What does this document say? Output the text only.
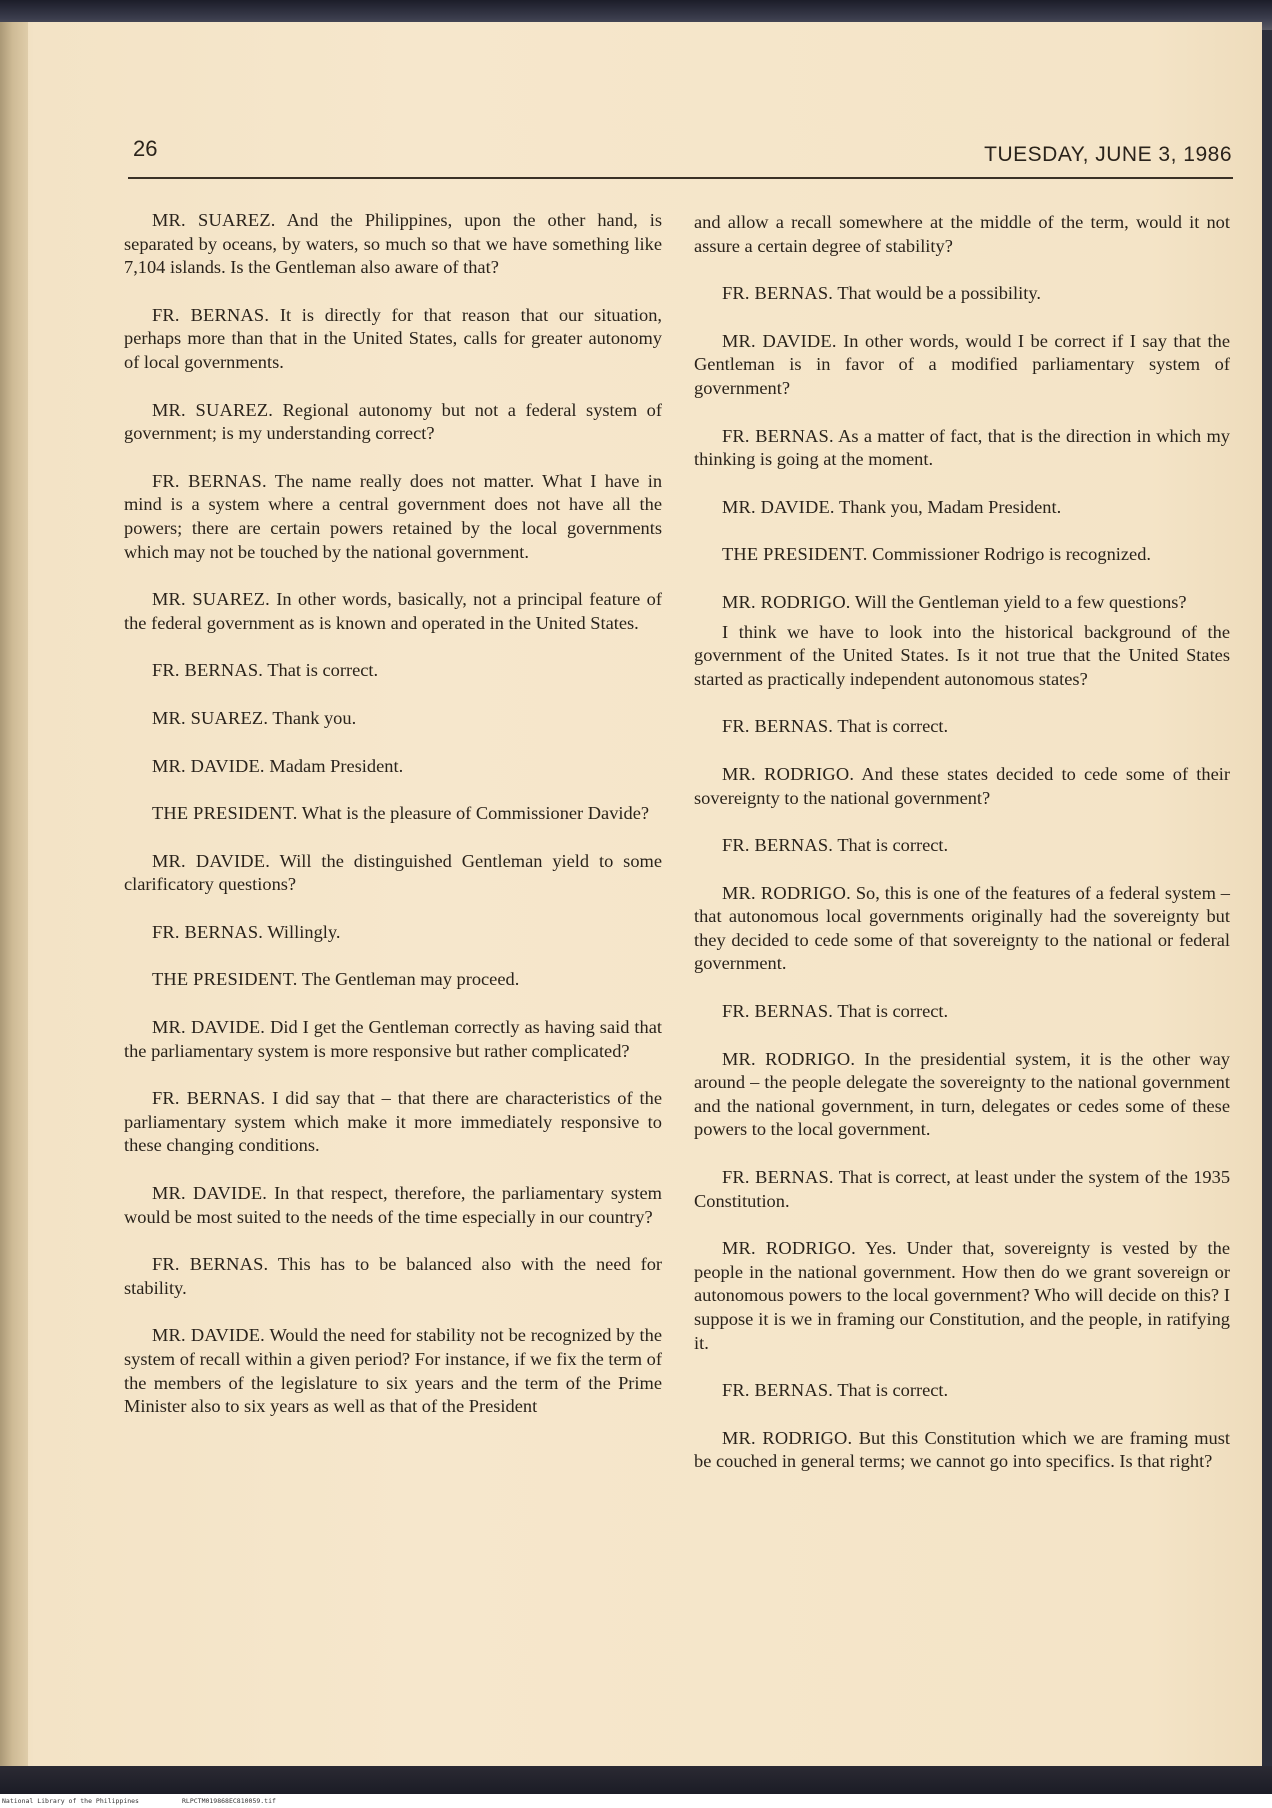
26	TUESDAY, JUNE 3, 1986

MR. SUAREZ. And the Philippines, upon the other hand, is separated by oceans, by waters, so much so that we have something like 7,104 islands. Is the Gentleman also aware of that?

FR. BERNAS. It is directly for that reason that our situation, perhaps more than that in the United States, calls for greater autonomy of local governments.

MR. SUAREZ. Regional autonomy but not a federal system of government; is my understanding correct?

FR. BERNAS. The name really does not matter. What I have in mind is a system where a central government does not have all the powers; there are certain powers retained by the local governments which may not be touched by the national government.

MR. SUAREZ. In other words, basically, not a principal feature of the federal government as is known and operated in the United States.

FR. BERNAS. That is correct.

MR. SUAREZ. Thank you.

MR. DAVIDE. Madam President.

THE PRESIDENT. What is the pleasure of Commissioner Davide?

MR. DAVIDE. Will the distinguished Gentleman yield to some clarificatory questions?

FR. BERNAS. Willingly.

THE PRESIDENT. The Gentleman may proceed.

MR. DAVIDE. Did I get the Gentleman correctly as having said that the parliamentary system is more responsive but rather complicated?

FR. BERNAS. I did say that – that there are characteristics of the parliamentary system which make it more immediately responsive to these changing conditions.

MR. DAVIDE. In that respect, therefore, the parliamentary system would be most suited to the needs of the time especially in our country?

FR. BERNAS. This has to be balanced also with the need for stability.

MR. DAVIDE. Would the need for stability not be recognized by the system of recall within a given period? For instance, if we fix the term of the members of the legislature to six years and the term of the Prime Minister also to six years as well as that of the President

and allow a recall somewhere at the middle of the term, would it not assure a certain degree of stability?

FR. BERNAS. That would be a possibility.

MR. DAVIDE. In other words, would I be correct if I say that the Gentleman is in favor of a modified parliamentary system of government?

FR. BERNAS. As a matter of fact, that is the direction in which my thinking is going at the moment.

MR. DAVIDE. Thank you, Madam President.

THE PRESIDENT. Commissioner Rodrigo is recognized.

MR. RODRIGO. Will the Gentleman yield to a few questions?

I think we have to look into the historical background of the government of the United States. Is it not true that the United States started as practically independent autonomous states?

FR. BERNAS. That is correct.

MR. RODRIGO. And these states decided to cede some of their sovereignty to the national government?

FR. BERNAS. That is correct.

MR. RODRIGO. So, this is one of the features of a federal system – that autonomous local governments originally had the sovereignty but they decided to cede some of that sovereignty to the national or federal government.

FR. BERNAS. That is correct.

MR. RODRIGO. In the presidential system, it is the other way around – the people delegate the sovereignty to the national government and the national government, in turn, delegates or cedes some of these powers to the local government.

FR. BERNAS. That is correct, at least under the system of the 1935 Constitution.

MR. RODRIGO. Yes. Under that, sovereignty is vested by the people in the national government. How then do we grant sovereign or autonomous powers to the local government? Who will decide on this? I suppose it is we in framing our Constitution, and the people, in ratifying it.

FR. BERNAS. That is correct.

MR. RODRIGO. But this Constitution which we are framing must be couched in general terms; we cannot go into specifics. Is that right?

National Library of the Philippines	RLPCTM019868EC810059.tif
